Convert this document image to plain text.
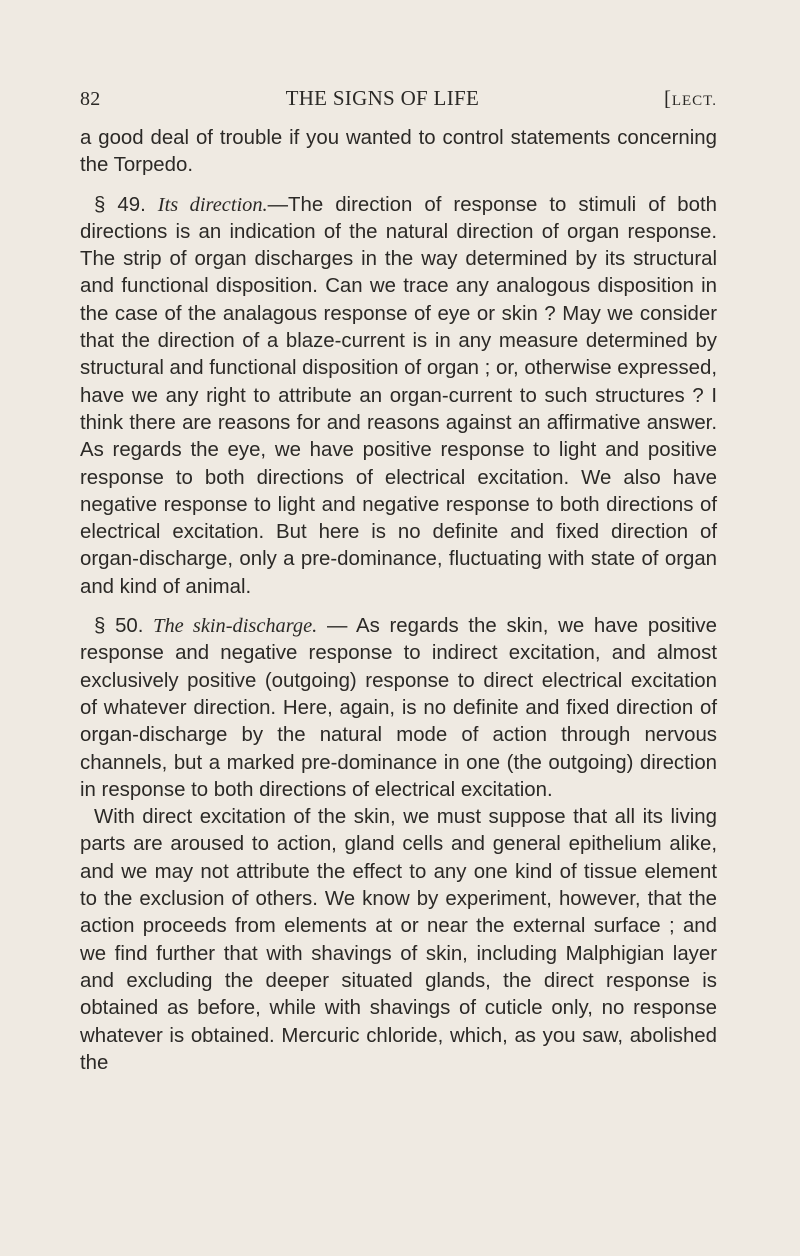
82	THE SIGNS OF LIFE	[LECT.

a good deal of trouble if you wanted to control statements concerning the Torpedo.

§ 49. Its direction.—The direction of response to stimuli of both directions is an indication of the natural direction of organ response. The strip of organ discharges in the way determined by its structural and functional disposition. Can we trace any analogous disposition in the case of the analagous response of eye or skin ? May we consider that the direction of a blaze-current is in any measure determined by structural and functional disposition of organ ; or, otherwise expressed, have we any right to attribute an organ-current to such structures ? I think there are reasons for and reasons against an affirmative answer. As regards the eye, we have positive response to light and positive response to both directions of electrical excitation. We also have negative response to light and negative response to both directions of electrical excitation. But here is no definite and fixed direction of organ-discharge, only a pre-dominance, fluctuating with state of organ and kind of animal.

§ 50. The skin-discharge. — As regards the skin, we have positive response and negative response to indirect excitation, and almost exclusively positive (outgoing) response to direct electrical excitation of whatever direction. Here, again, is no definite and fixed direction of organ-discharge by the natural mode of action through nervous channels, but a marked pre-dominance in one (the outgoing) direction in response to both directions of electrical excitation.

With direct excitation of the skin, we must suppose that all its living parts are aroused to action, gland cells and general epithelium alike, and we may not attribute the effect to any one kind of tissue element to the exclusion of others. We know by experiment, however, that the action proceeds from elements at or near the external surface ; and we find further that with shavings of skin, including Malphigian layer and excluding the deeper situated glands, the direct response is obtained as before, while with shavings of cuticle only, no response whatever is obtained. Mercuric chloride, which, as you saw, abolished the
